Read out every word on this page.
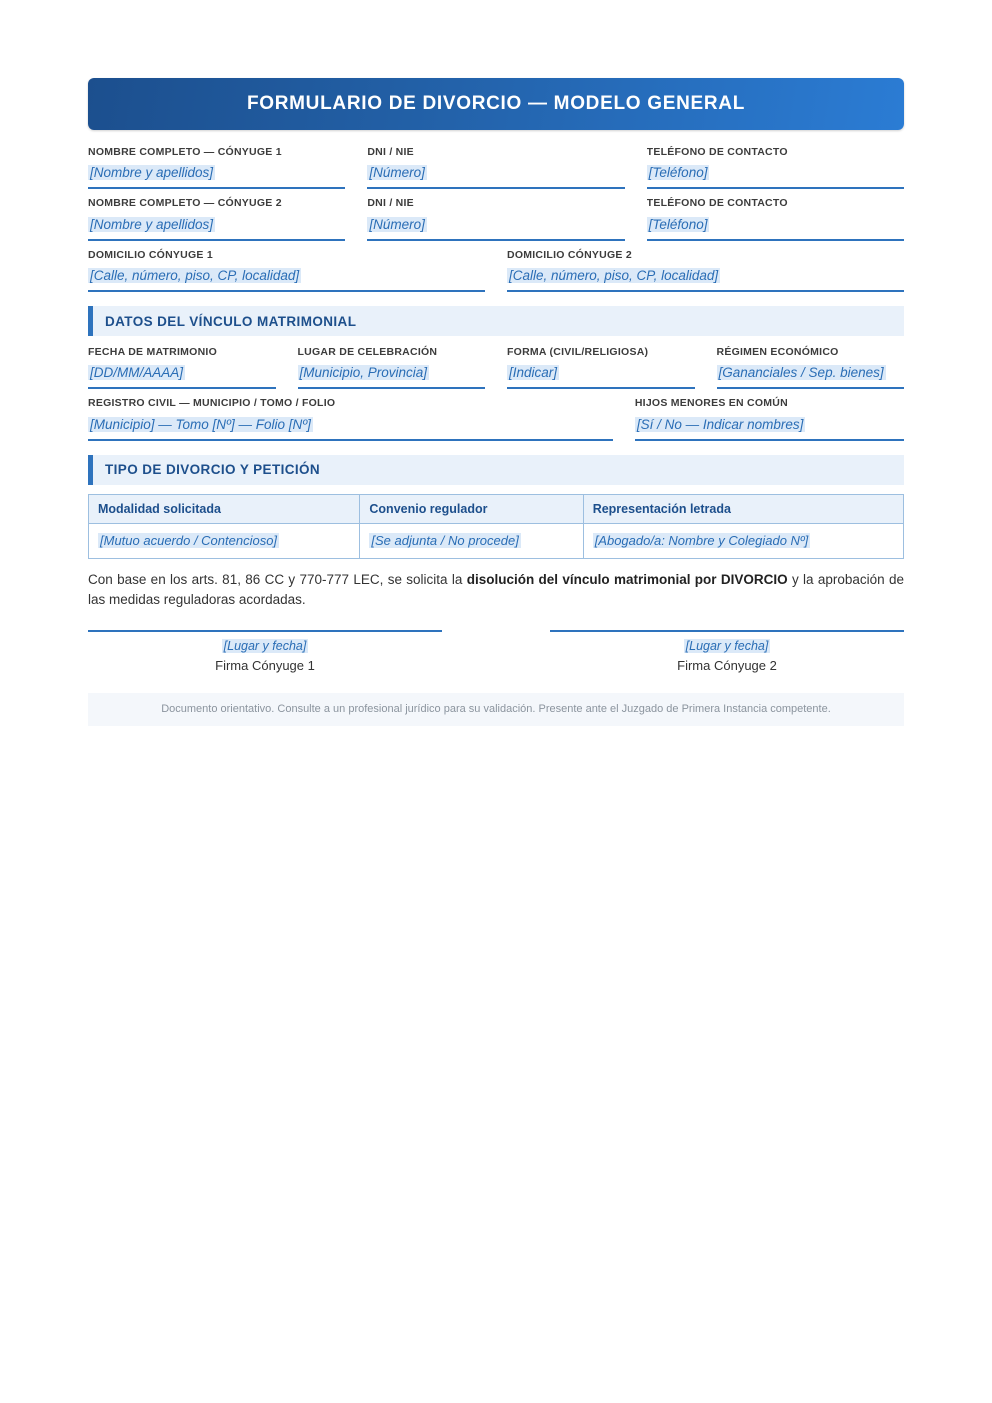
FORMULARIO DE DIVORCIO — MODELO GENERAL
NOMBRE COMPLETO — CÓNYUGE 1
[Nombre y apellidos]
DNI / NIE
[Número]
TELÉFONO DE CONTACTO
[Teléfono]
NOMBRE COMPLETO — CÓNYUGE 2
[Nombre y apellidos]
DNI / NIE
[Número]
TELÉFONO DE CONTACTO
[Teléfono]
DOMICILIO CÓNYUGE 1
[Calle, número, piso, CP, localidad]
DOMICILIO CÓNYUGE 2
[Calle, número, piso, CP, localidad]
DATOS DEL VÍNCULO MATRIMONIAL
FECHA DE MATRIMONIO
[DD/MM/AAAA]
LUGAR DE CELEBRACIÓN
[Municipio, Provincia]
FORMA (CIVIL/RELIGIOSA)
[Indicar]
RÉGIMEN ECONÓMICO
[Gananciales / Sep. bienes]
REGISTRO CIVIL — MUNICIPIO / TOMO / FOLIO
[Municipio] — Tomo [Nº] — Folio [Nº]
HIJOS MENORES EN COMÚN
[Sí / No — Indicar nombres]
TIPO DE DIVORCIO Y PETICIÓN
Modalidad solicitada	Convenio regulador	Representación letrada
[Mutuo acuerdo / Contencioso]	[Se adjunta / No procede]	[Abogado/a: Nombre y Colegiado Nº]

Con base en los arts. 81, 86 CC y 770-777 LEC, se solicita la disolución del vínculo matrimonial por DIVORCIO y la aprobación de las medidas reguladoras acordadas.

[Lugar y fecha]
Firma Cónyuge 1
[Lugar y fecha]
Firma Cónyuge 2
Documento orientativo. Consulte a un profesional jurídico para su validación. Presente ante el Juzgado de Primera Instancia competente.
